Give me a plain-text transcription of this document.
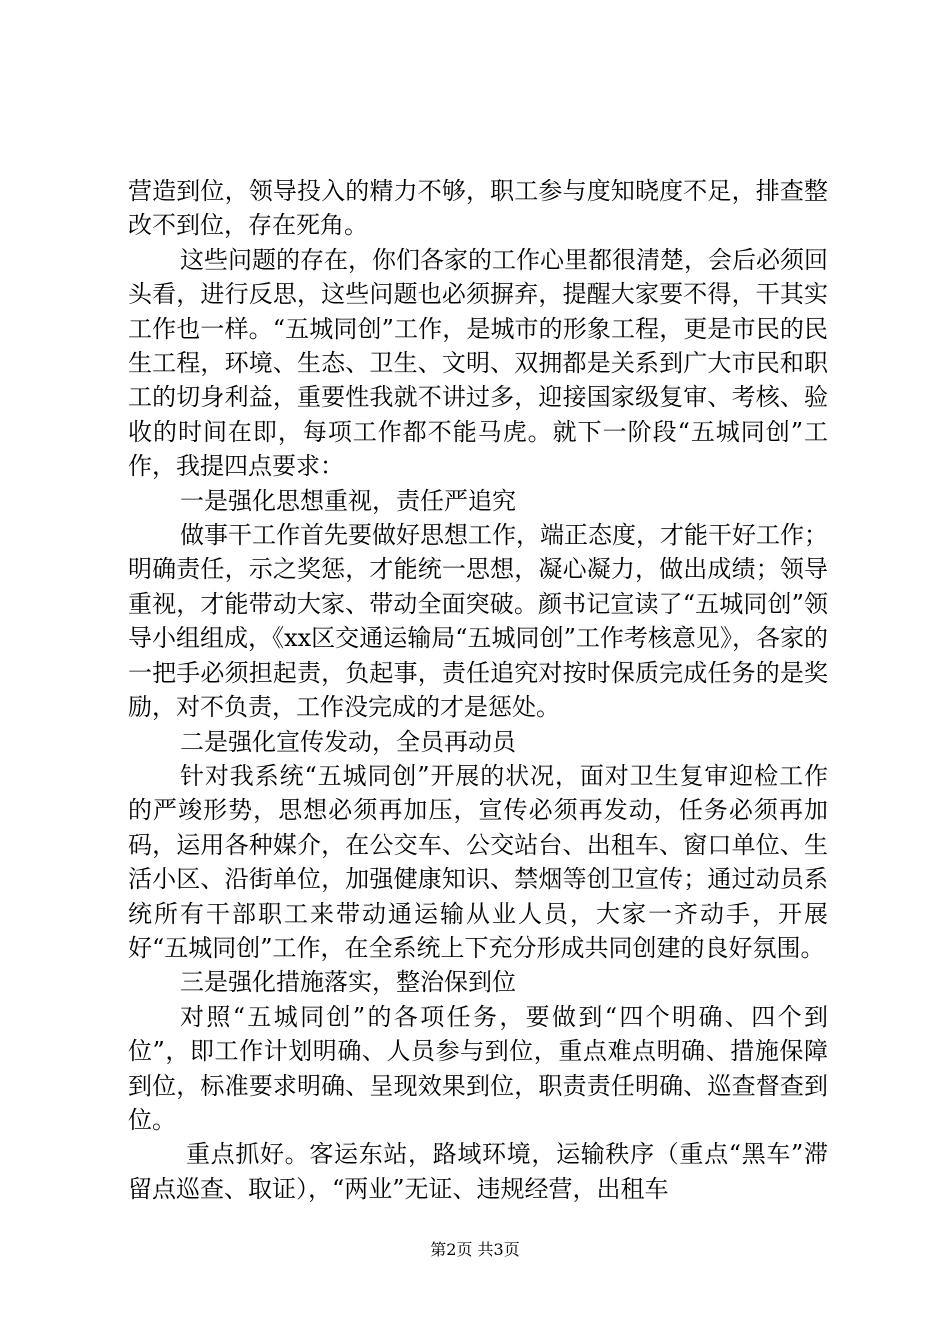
营造到位，领导投入的精力不够，职工参与度知晓度不足，排查整改不到位，存在死角。

这些问题的存在，你们各家的工作心里都很清楚，会后必须回头看，进行反思，这些问题也必须摒弃，提醒大家要不得，干其实工作也一样。“五城同创”工作，是城市的形象工程，更是市民的民生工程，环境、生态、卫生、文明、双拥都是关系到广大市民和职工的切身利益，重要性我就不讲过多，迎接国家级复审、考核、验收的时间在即，每项工作都不能马虎。就下一阶段“五城同创”工作，我提四点要求：

一是强化思想重视，责任严追究

做事干工作首先要做好思想工作，端正态度，才能干好工作；明确责任，示之奖惩，才能统一思想，凝心凝力，做出成绩；领导重视，才能带动大家、带动全面突破。颜书记宣读了“五城同创”领导小组组成，《xx区交通运输局“五城同创”工作考核意见》，各家的一把手必须担起责，负起事，责任追究对按时保质完成任务的是奖励，对不负责，工作没完成的才是惩处。

二是强化宣传发动，全员再动员

针对我系统“五城同创”开展的状况，面对卫生复审迎检工作的严竣形势，思想必须再加压，宣传必须再发动，任务必须再加码，运用各种媒介，在公交车、公交站台、出租车、窗口单位、生活小区、沿街单位，加强健康知识、禁烟等创卫宣传；通过动员系统所有干部职工来带动通运输从业人员，大家一齐动手，开展好“五城同创”工作，在全系统上下充分形成共同创建的良好氛围。

三是强化措施落实，整治保到位

对照“五城同创”的各项任务，要做到“四个明确、四个到位”，即工作计划明确、人员参与到位，重点难点明确、措施保障到位，标准要求明确、呈现效果到位，职责责任明确、巡查督查到位。

重点抓好。客运东站，路域环境，运输秩序（重点“黑车”滞留点巡查、取证），“两业”无证、违规经营，出租车

第2页 共3页
